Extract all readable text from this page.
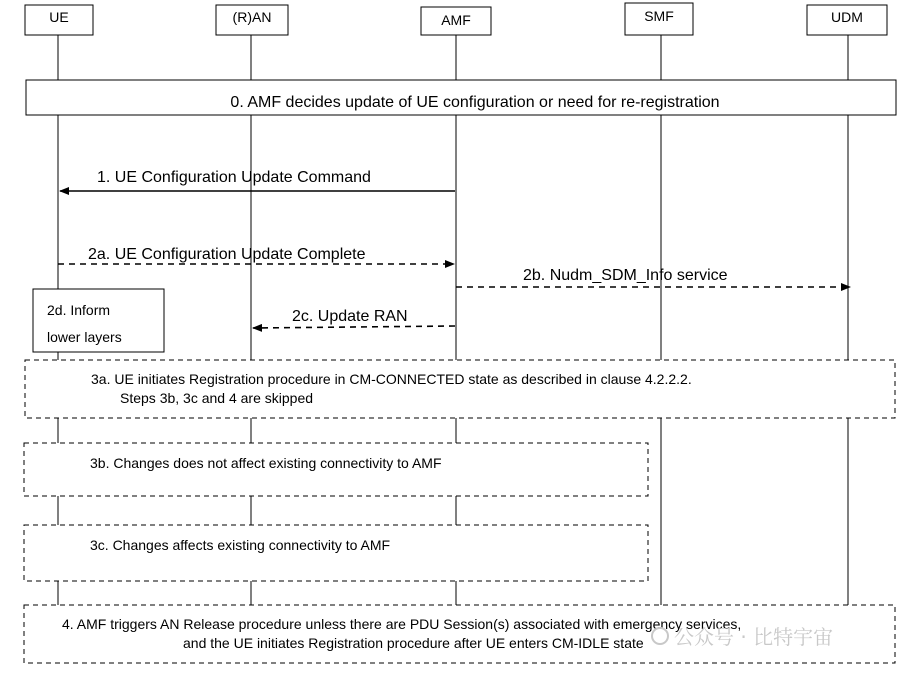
UE	(R)AN	AMF	SMF	UDM
0. AMF decides update of UE configuration or need for re-registration
1. UE Configuration Update Command
2a. UE Configuration Update Complete
2b. Nudm_SDM_Info service
2c. Update RAN
2d. Inform
lower layers
3a. UE initiates Registration procedure in CM-CONNECTED state as described in clause 4.2.2.2.
Steps 3b, 3c and 4 are skipped
3b. Changes does not affect existing connectivity to AMF
3c. Changes affects existing connectivity to AMF
4. AMF triggers AN Release procedure unless there are PDU Session(s) associated with emergency services,
and the UE initiates Registration procedure after UE enters CM-IDLE state 公众号 · 比特宇宙
